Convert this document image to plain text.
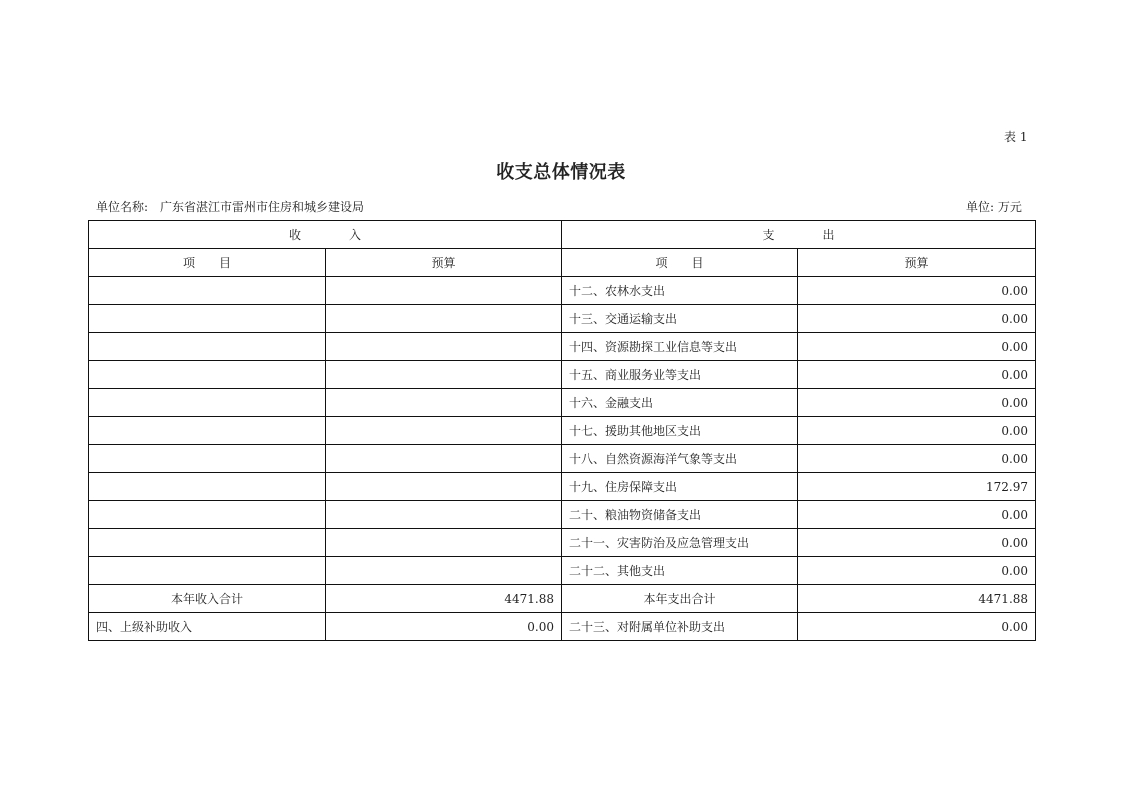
表 1
收支总体情况表
单位名称: 广东省湛江市雷州市住房和城乡建设局	单位: 万元
收　　　　入		支　　　　出	
项　　目	预算	项　　目	预算
		十二、农林水支出	0.00
		十三、交通运输支出	0.00
		十四、资源勘探工业信息等支出	0.00
		十五、商业服务业等支出	0.00
		十六、金融支出	0.00
		十七、援助其他地区支出	0.00
		十八、自然资源海洋气象等支出	0.00
		十九、住房保障支出	172.97
		二十、粮油物资储备支出	0.00
		二十一、灾害防治及应急管理支出	0.00
		二十二、其他支出	0.00
本年收入合计	4471.88	本年支出合计	4471.88
四、上级补助收入	0.00	二十三、对附属单位补助支出	0.00
